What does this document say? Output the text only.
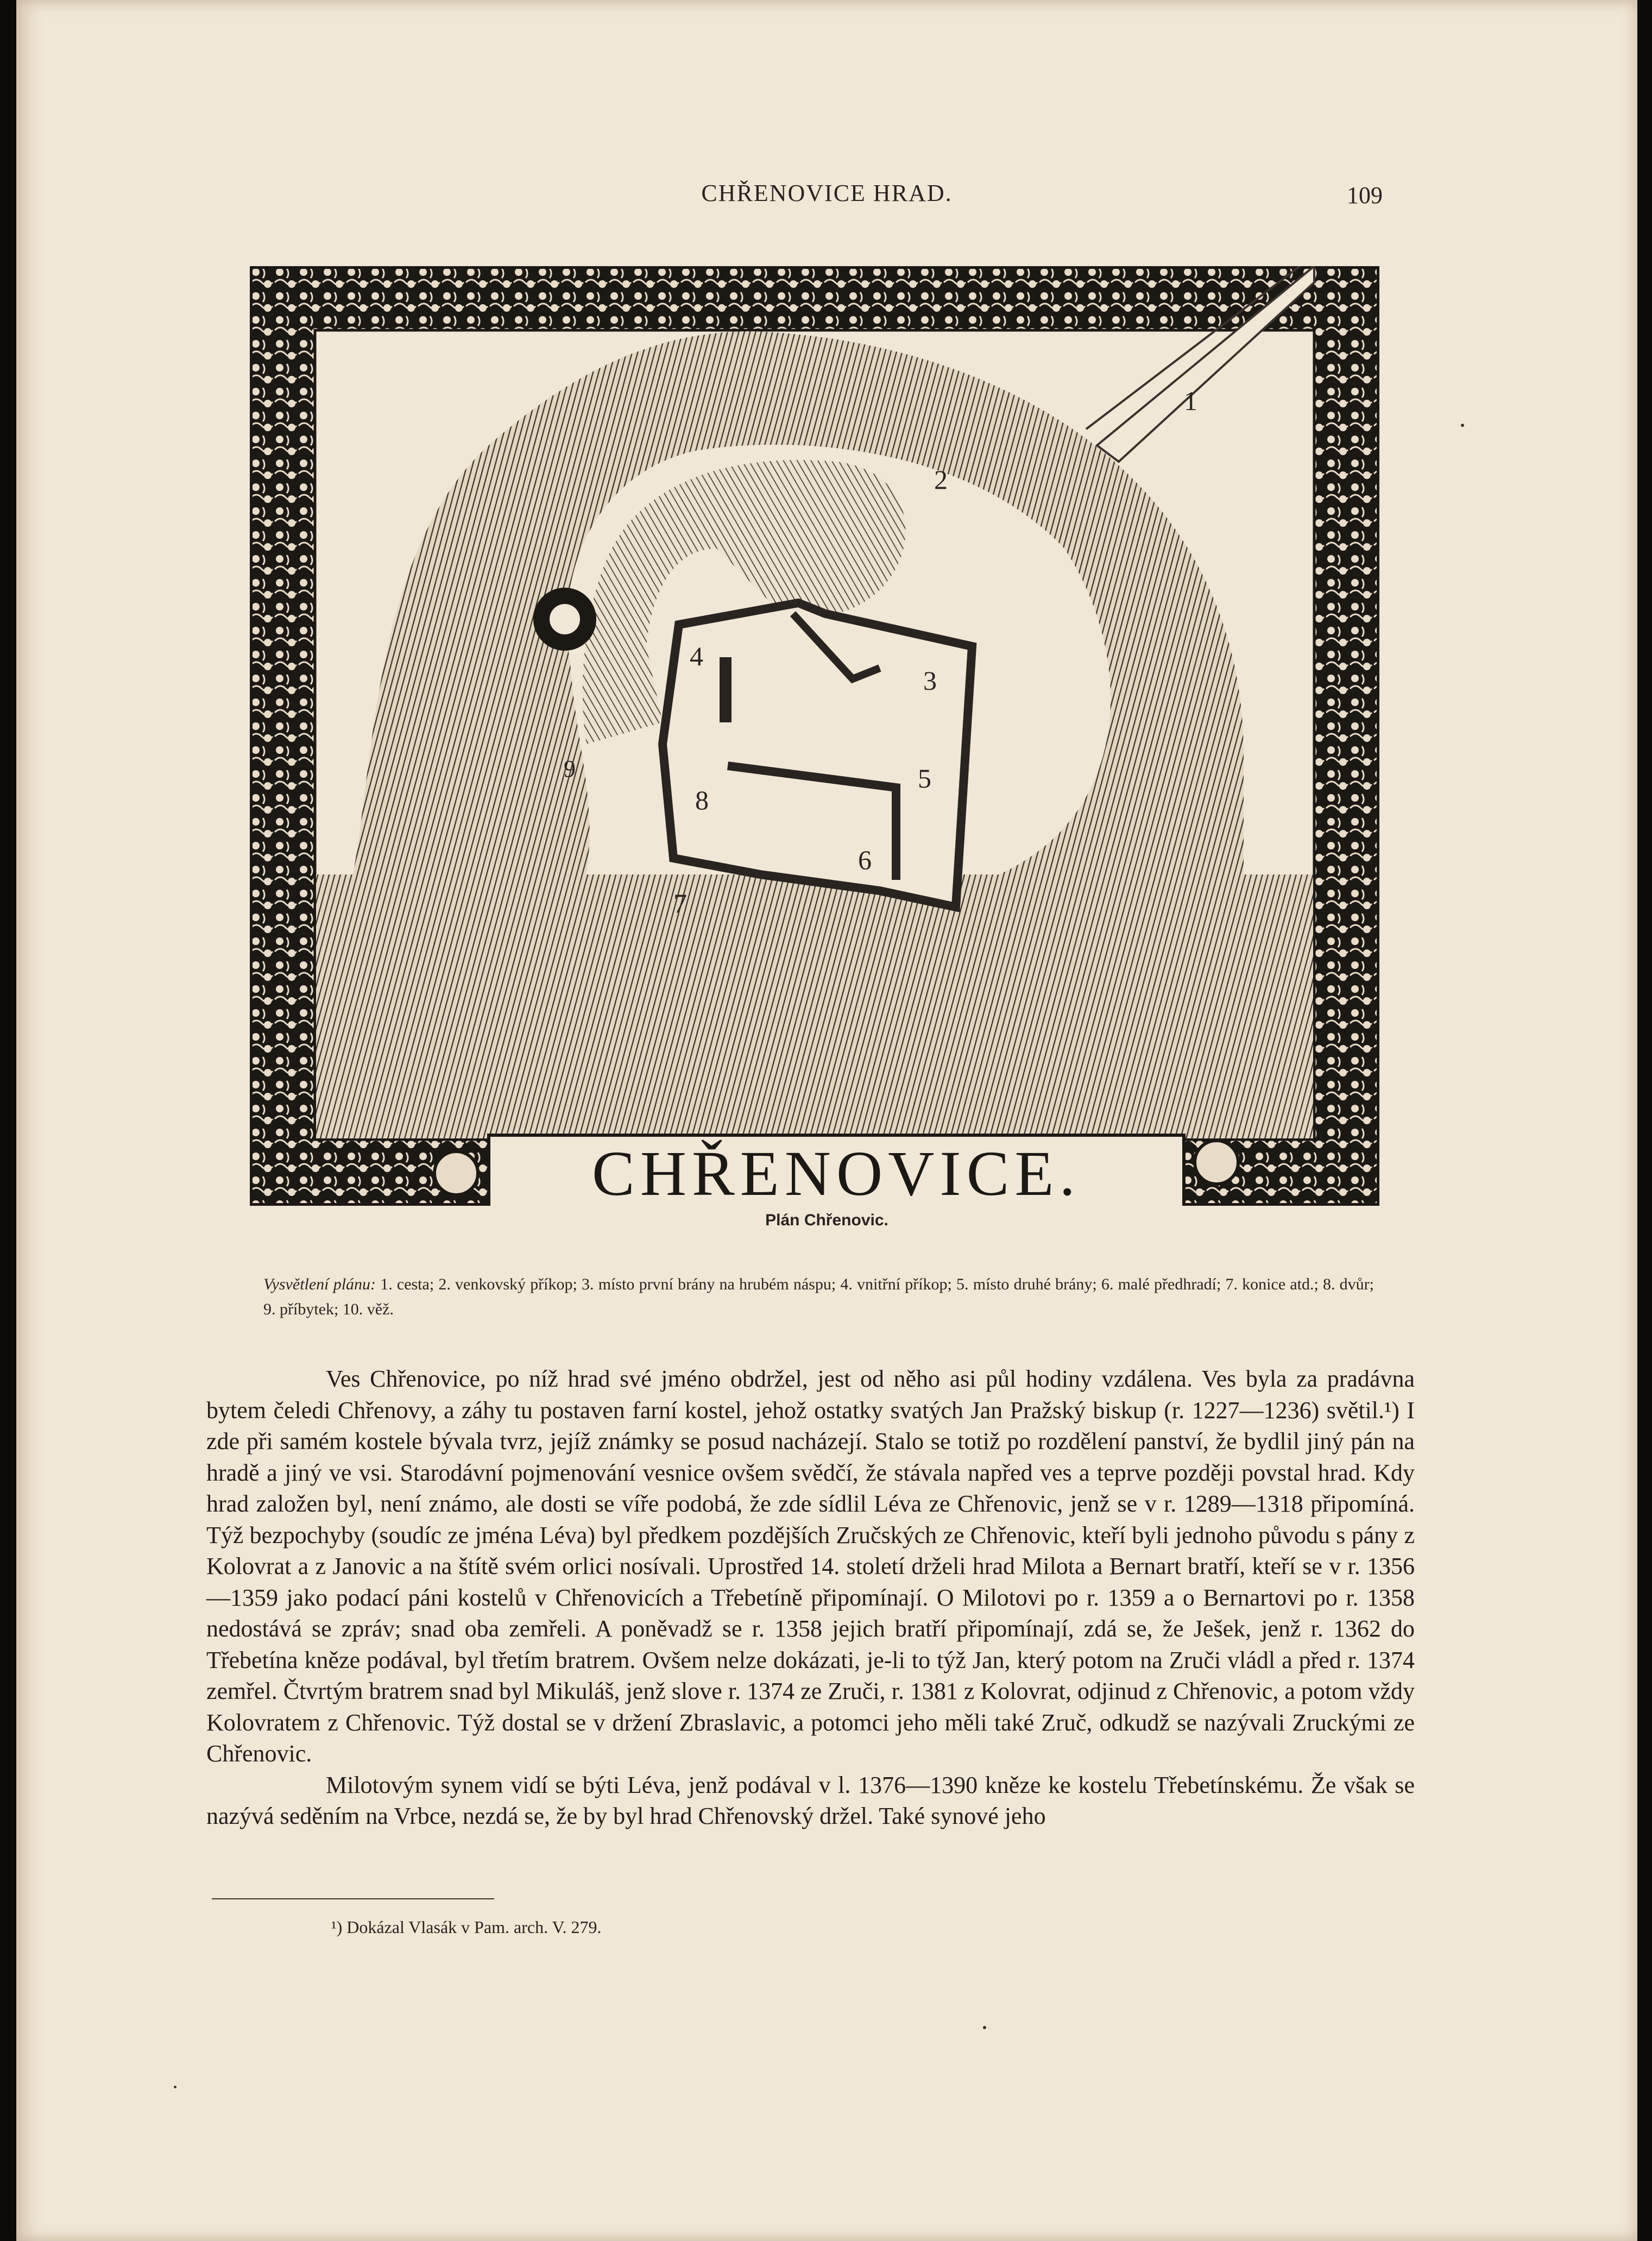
CHŘENOVICE HRAD.	109
1
2
3
4
5
6
7
8
9
10
CHŘENOVICE.
Plán Chřenovic.
Vysvětlení plánu: 1. cesta; 2. venkovský příkop; 3. místo první brány na hrubém náspu; 4. vnitřní příkop; 5. místo druhé brány; 6. malé předhradí; 7. konice atd.; 8. dvůr; 9. příbytek; 10. věž.

Ves Chřenovice, po níž hrad své jméno obdržel, jest od něho asi půl hodiny vzdálena. Ves byla za pradávna bytem čeledi Chřenovy, a záhy tu postaven farní kostel, jehož ostatky svatých Jan Pražský biskup (r. 1227—1236) světil.¹) I zde při samém kostele bývala tvrz, jejíž známky se posud nacházejí. Stalo se totiž po rozdělení panství, že bydlil jiný pán na hradě a jiný ve vsi. Starodávní pojmenování vesnice ovšem svědčí, že stávala napřed ves a teprve později povstal hrad. Kdy hrad založen byl, není známo, ale dosti se víře podobá, že zde sídlil Léva ze Chřenovic, jenž se v r. 1289—1318 připomíná. Týž bezpochyby (soudíc ze jména Léva) byl předkem pozdějších Zručských ze Chřenovic, kteří byli jednoho původu s pány z Kolovrat a z Janovic a na štítě svém orlici nosívali. Uprostřed 14. století drželi hrad Milota a Bernart bratří, kteří se v r. 1356—1359 jako podací páni kostelů v Chřenovicích a Třebetíně připomínají. O Milotovi po r. 1359 a o Bernartovi po r. 1358 nedostává se zpráv; snad oba zemřeli. A poněvadž se r. 1358 jejich bratří připomínají, zdá se, že Ješek, jenž r. 1362 do Třebetína kněze podával, byl třetím bratrem. Ovšem nelze dokázati, je-li to týž Jan, který potom na Zruči vládl a před r. 1374 zemřel. Čtvrtým bratrem snad byl Mikuláš, jenž slove r. 1374 ze Zruči, r. 1381 z Kolovrat, odjinud z Chřenovic, a potom vždy Kolovratem z Chřenovic. Týž dostal se v držení Zbraslavic, a potomci jeho měli také Zruč, odkudž se nazývali Zruckými ze Chřenovic.

Milotovým synem vidí se býti Léva, jenž podával v l. 1376—1390 kněze ke kostelu Třebetínskému. Že však se nazývá seděním na Vrbce, nezdá se, že by byl hrad Chřenovský držel. Také synové jeho

¹) Dokázal Vlasák v Pam. arch. V. 279.
